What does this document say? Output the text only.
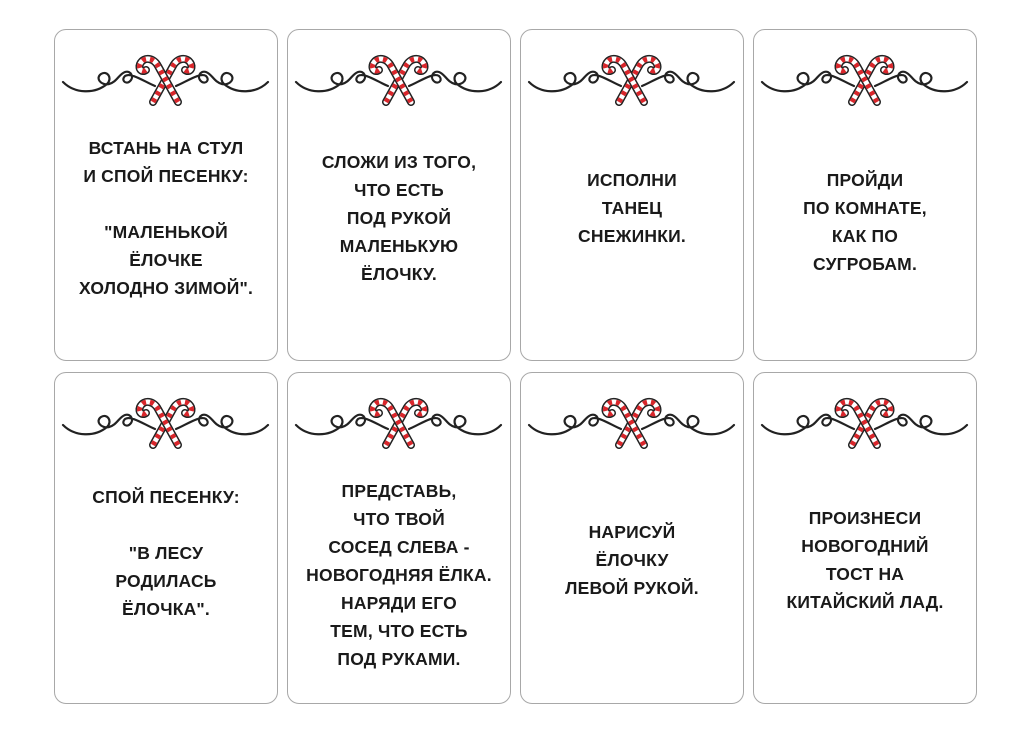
ВСТАНЬ НА СТУЛ
И СПОЙ ПЕСЕНКУ:

"МАЛЕНЬКОЙ
ЁЛОЧКЕ
ХОЛОДНО ЗИМОЙ".
СЛОЖИ ИЗ ТОГО,
ЧТО ЕСТЬ
ПОД РУКОЙ
МАЛЕНЬКУЮ
ЁЛОЧКУ.
ИСПОЛНИ
ТАНЕЦ
СНЕЖИНКИ.
ПРОЙДИ
ПО КОМНАТЕ,
КАК ПО
СУГРОБАМ.
СПОЙ ПЕСЕНКУ:

"В ЛЕСУ
РОДИЛАСЬ
ЁЛОЧКА".
ПРЕДСТАВЬ,
ЧТО ТВОЙ
СОСЕД СЛЕВА -
НОВОГОДНЯЯ ЁЛКА.
НАРЯДИ ЕГО
ТЕМ, ЧТО ЕСТЬ
ПОД РУКАМИ.
НАРИСУЙ
ЁЛОЧКУ
ЛЕВОЙ РУКОЙ.
ПРОИЗНЕСИ
НОВОГОДНИЙ
ТОСТ НА
КИТАЙСКИЙ ЛАД.
